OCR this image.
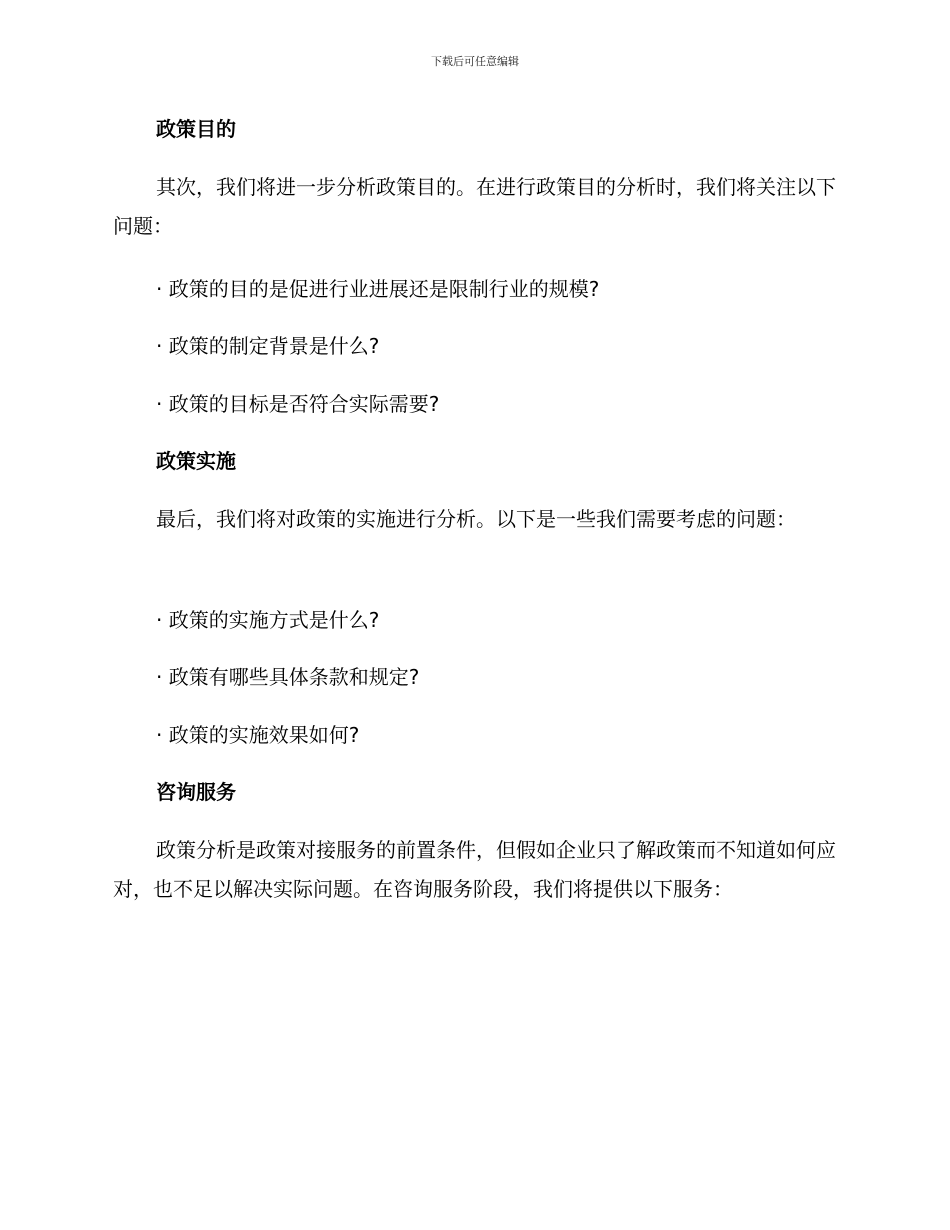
下载后可任意编辑
政策目的
其次，我们将进一步分析政策目的。在进行政策目的分析时，我们将关注以下问题：
· 政策的目的是促进行业进展还是限制行业的规模?
· 政策的制定背景是什么?
· 政策的目标是否符合实际需要?
政策实施
最后，我们将对政策的实施进行分析。以下是一些我们需要考虑的问题：
· 政策的实施方式是什么?
· 政策有哪些具体条款和规定?
· 政策的实施效果如何?
咨询服务
政策分析是政策对接服务的前置条件，但假如企业只了解政策而不知道如何应对，也不足以解决实际问题。在咨询服务阶段，我们将提供以下服务：
